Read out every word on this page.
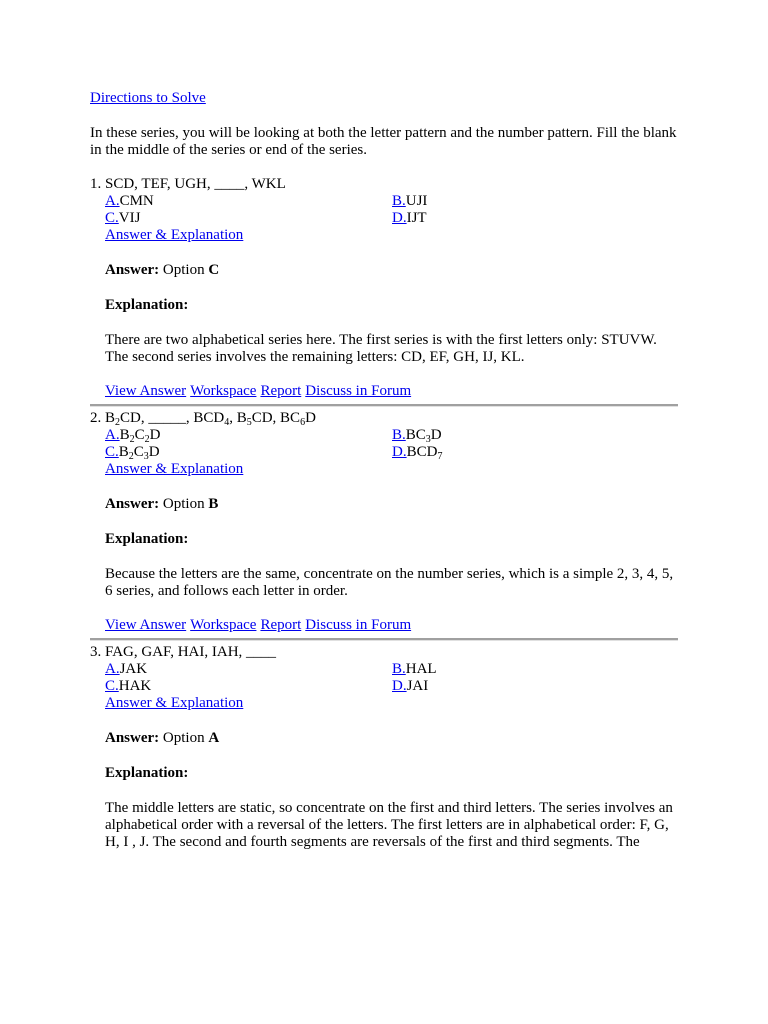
Directions to Solve

In these series, you will be looking at both the letter pattern and the number pattern. Fill the blank in the middle of the series or end of the series.

1. SCD, TEF, UGH, ____, WKL
A.CMN	B.UJI
C.VIJ	D.IJT
Answer & Explanation

Answer: Option C

Explanation:

There are two alphabetical series here. The first series is with the first letters only: STUVW. The second series involves the remaining letters: CD, EF, GH, IJ, KL.

View Answer Workspace Report Discuss in Forum
2. $B_2CD$, _____, $BCD_4$, $B_5CD$, $BC_6D$
$A.B_2C_2D$	$B.BC_3D$
$C.B_2C_3D$	$D.BCD_7$
Answer & Explanation

Answer: Option B

Explanation:

Because the letters are the same, concentrate on the number series, which is a simple 2, 3, 4, 5, 6 series, and follows each letter in order.

View Answer Workspace Report Discuss in Forum
3. FAG, GAF, HAI, IAH, ____
A.JAK	B.HAL
C.HAK	D.JAI
Answer & Explanation

Answer: Option A

Explanation:

The middle letters are static, so concentrate on the first and third letters. The series involves an alphabetical order with a reversal of the letters. The first letters are in alphabetical order: F, G, H, I , J. The second and fourth segments are reversals of the first and third segments. The
